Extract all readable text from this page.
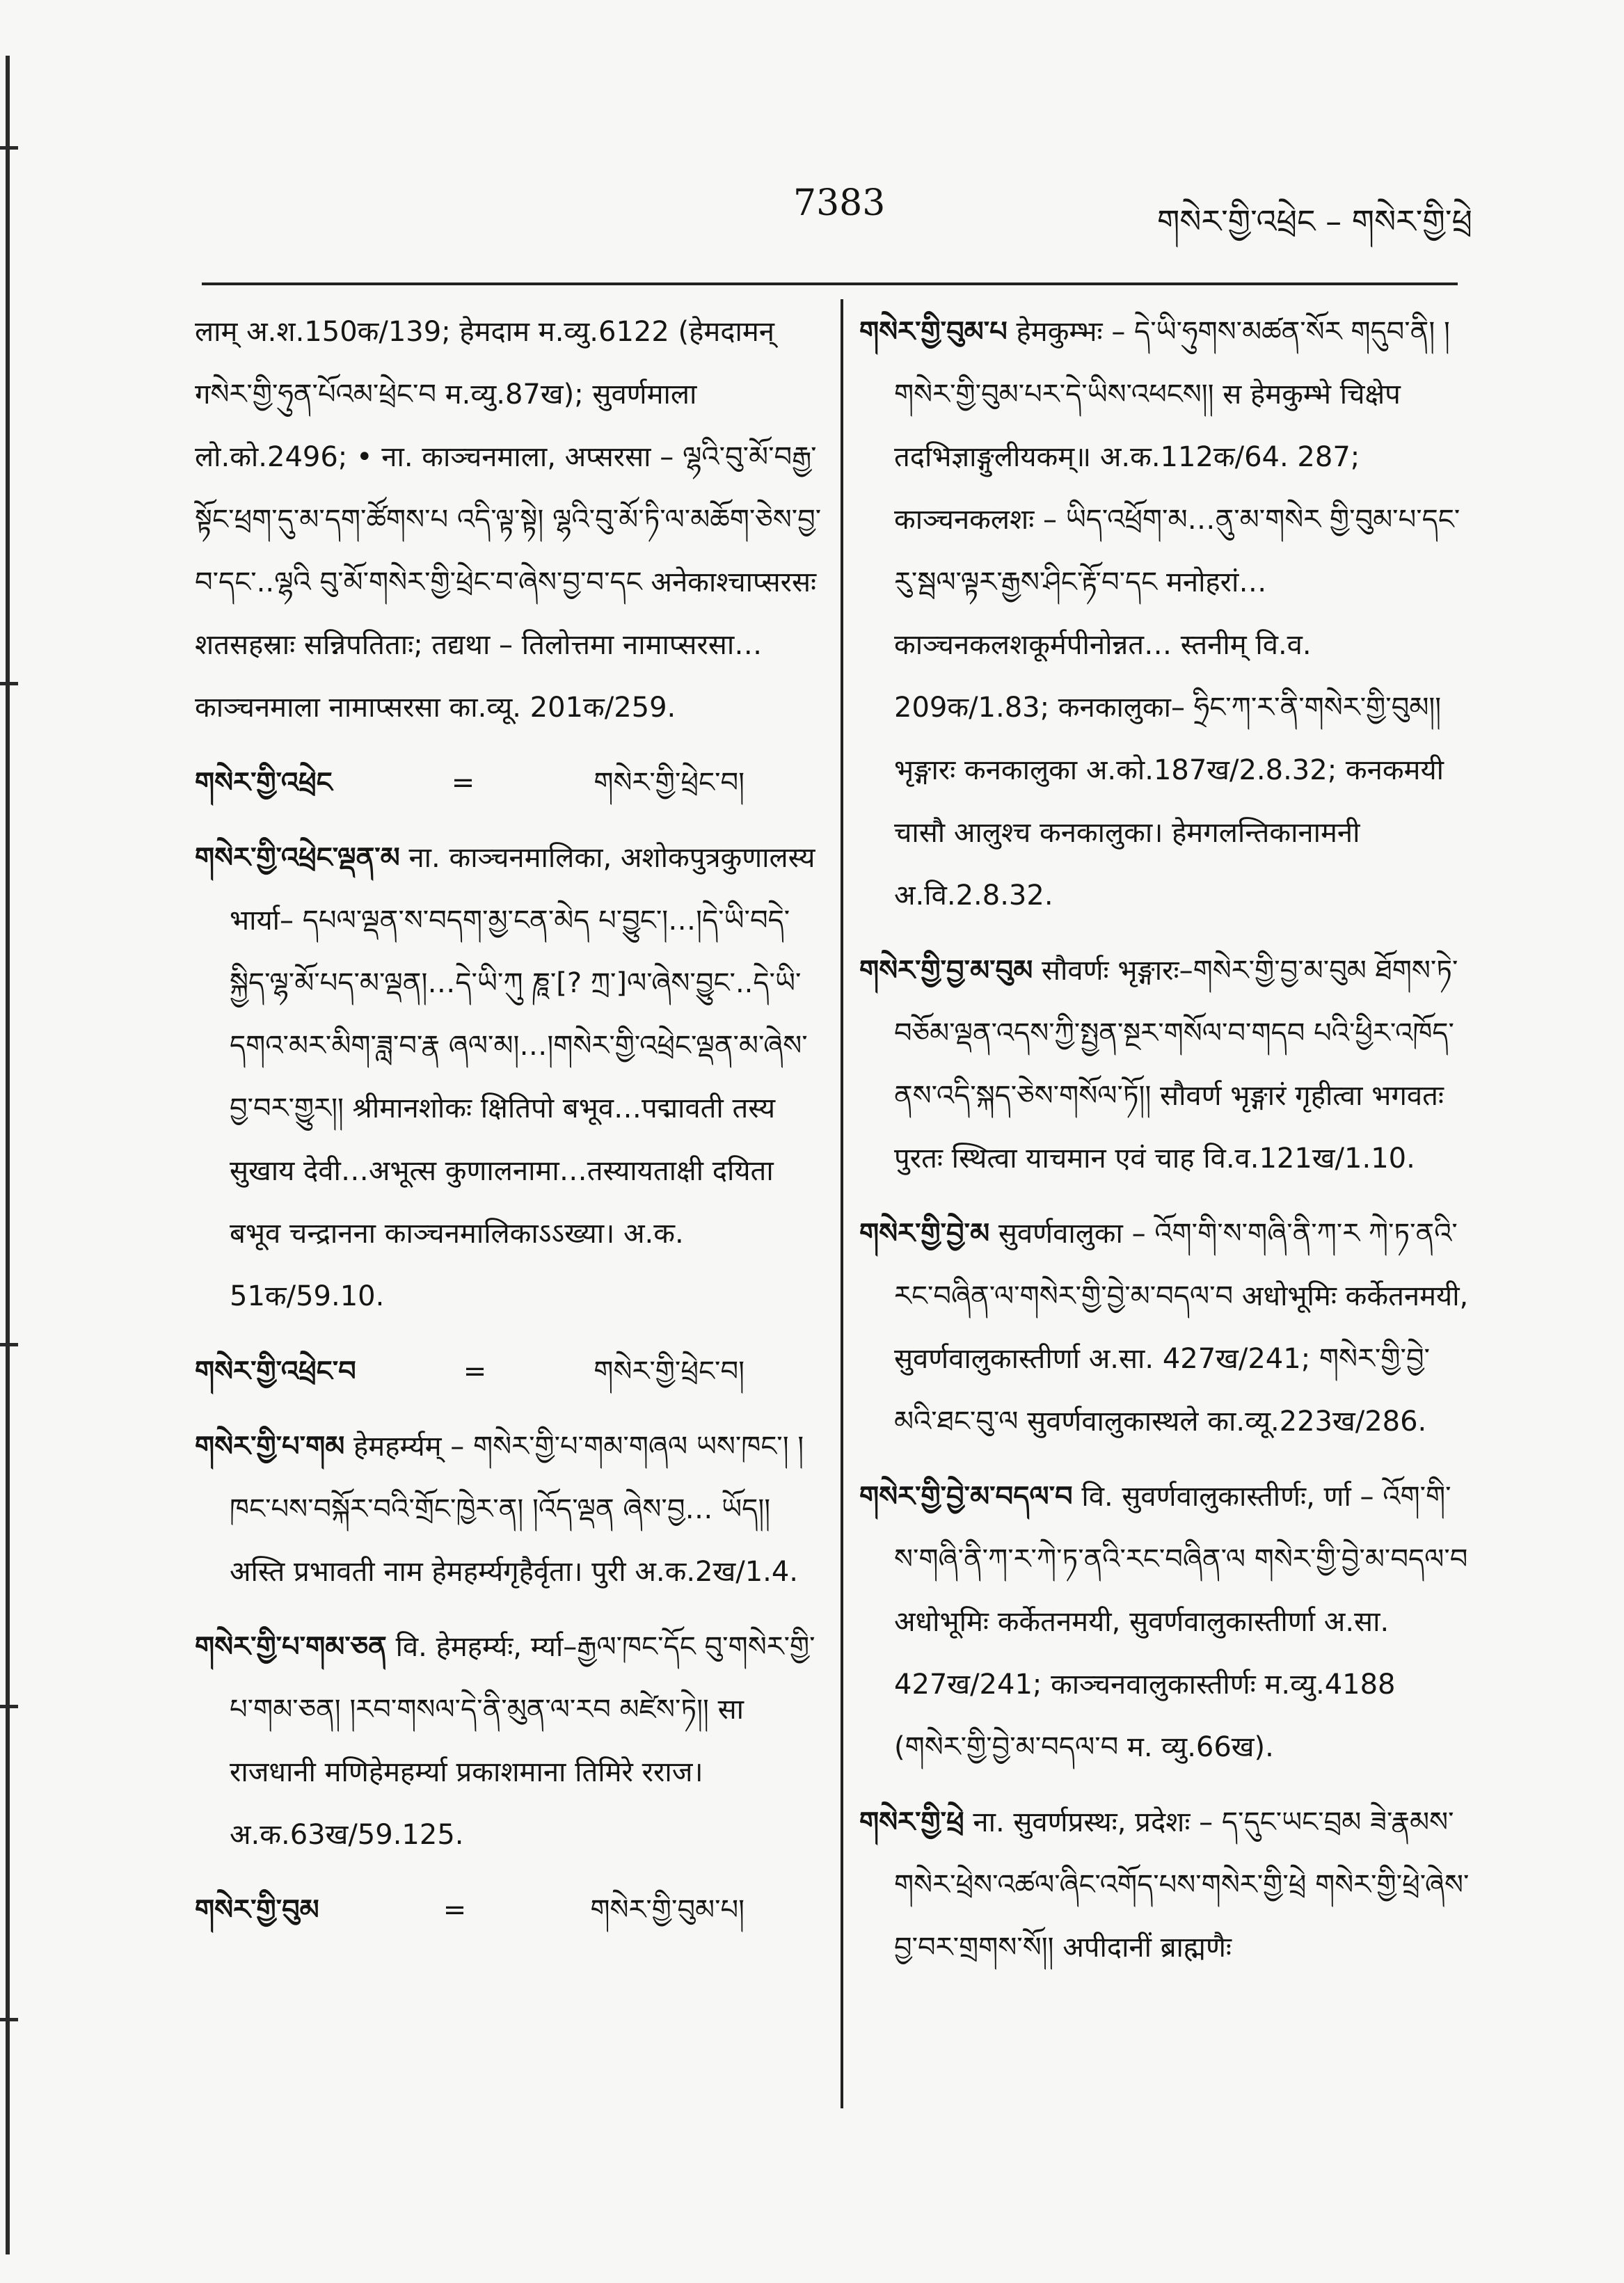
7383	གསེར་གྱི་འཕྲེང – གསེར་གྱི་ཕྲེ

लाम् अ.श.150क/139; हेमदाम म.व्यु.6122 (हेमदामन् गསེར་གྱི་ཧུན་པོའམ་ཕྲེང་བ म.व्यु.87ख); सुवर्णमाला लो.को.2496; • ना. काञ्चनमाला, अप्सरसा – ལྷའི་བུ་མོ་བརྒྱ་སྟོང་ཕྲག་དུ་མ་དག་ཚོགས་པ འདི་ལྟ་སྟེ། ལྷའི་བུ་མོ་ཏི་ལ་མཆོག་ཅེས་བྱ་བ་དང་..ལྷའི བུ་མོ་གསེར་གྱི་ཕྲེང་བ་ཞེས་བྱ་བ་དང अनेकाश्चाप्सरसः शतसहस्राः सन्निपतिताः; तद्यथा – तिलोत्तमा नामाप्सरसा… काञ्चनमाला नामाप्सरसा का.व्यू. 201क/259.

གསེར་གྱི་འཕྲེང	=	གསེར་གྱི་ཕྲེང་བ།

གསེར་གྱི་འཕྲེང་ལྡན་མ ना. काञ्चनमालिका, अशोकपुत्रकुणालस्य भार्या– དཔལ་ལྡན་ས་བདག་མྱ་ངན་མེད པ་བྱུང་།…།དེ་ཡི་བདེ་སྐྱིད་ལྷ་མོ་པད་མ་ལྡན།…དེ་ཡི་ཀུ ཎཱ་[? ཀྲ་]ལ་ཞེས་བྱུང་..དེ་ཡི་དགའ་མར་མིག་ཟླ་བ་རྣ ཞལ་མ།…།གསེར་གྱི་འཕྲེང་ལྡན་མ་ཞེས་བྱ་བར་གྱུར།། श्रीमानशोकः क्षितिपो बभूव…पद्मावती तस्य सुखाय देवी…अभूत्स कुणालनामा…तस्यायताक्षी दयिता बभूव चन्द्रानना काञ्चनमालिकाऽऽख्या। अ.क. 51क/59.10.

གསེར་གྱི་འཕྲེང་བ	=	གསེར་གྱི་ཕྲེང་བ།

གསེར་གྱི་པ་གམ हेमहर्म्यम् – གསེར་གྱི་པ་གམ་གཞལ ཡས་ཁང་། །ཁང་པས་བསྐོར་བའི་གྲོང་ཁྱེར་ན། །འོད་ལྡན ཞེས་བྱ… ཡོད།། अस्ति प्रभावती नाम हेमहर्म्यगृहैर्वृता। पुरी अ.क.2ख/1.4.

གསེར་གྱི་པ་གམ་ཅན वि. हेमहर्म्यः, र्म्या–རྒྱལ་ཁང་དོང བུ་གསེར་གྱི་པ་གམ་ཅན། །རབ་གསལ་དེ་ནི་མུན་ལ་རབ མཛེས་ཏེ།། सा राजधानी मणिहेमहर्म्या प्रकाशमाना तिमिरे रराज। अ.क.63ख/59.125.

གསེར་གྱི་བུམ	=	གསེར་གྱི་བུམ་པ།

གསེར་གྱི་བུམ་པ हेमकुम्भः – དེ་ཡི་ཧུགས་མཚན་སོར གདུབ་ནི། །གསེར་གྱི་བུམ་པར་དེ་ཡིས་འཕངས།། स हेमकुम्भे चिक्षेप तदभिज्ञाङ्गुलीयकम्॥ अ.क.112क/64. 287; काञ्चनकलशः – ཡིད་འཕྲོག་མ…ནུ་མ་གསེར གྱི་བུམ་པ་དང་རུ་སྦལ་ལྟར་རྒྱས་ཤིང་རྟོ་བ་དང मनोहरां… काञ्चनकलशकूर्मपीनोन्नत… स्तनीम् वि.व. 209क/1.83; कनकालुका– ཧྲིང་ཀ་ར་ནི་གསེར་གྱི་བུམ།། भृङ्गारः कनकालुका अ.को.187ख/2.8.32; कनकमयी चासौ आलुश्च कनकालुका। हेमगलन्तिकानामनी अ.वि.2.8.32.

གསེར་གྱི་བྱ་མ་བུམ सौवर्णः भृङ्गारः–གསེར་གྱི་བྱ་མ་བུམ ཐོགས་ཏེ་བཅོམ་ལྡན་འདས་ཀྱི་སྤྱན་སྔར་གསོལ་བ་གདབ པའི་ཕྱིར་འཁོད་ནས་འདི་སྐད་ཅེས་གསོལ་ཏོ།། सौवर्ण भृङ्गारं गृहीत्वा भगवतः पुरतः स्थित्वा याचमान एवं चाह वि.व.121ख/1.10.

གསེར་གྱི་བྱེ་མ सुवर्णवालुका – འོག་གི་ས་གཞི་ནི་ཀ་ར ཀེ་ཏ་ནའི་རང་བཞིན་ལ་གསེར་གྱི་བྱེ་མ་བདལ་བ अधोभूमिः कर्केतनमयी, सुवर्णवालुकास्तीर्णा अ.सा. 427ख/241; གསེར་གྱི་བྱེ་མའི་ཐང་བུ་ལ सुवर्णवालुकास्थले का.व्यू.223ख/286.

གསེར་གྱི་བྱེ་མ་བདལ་བ वि. सुवर्णवालुकास्तीर्णः, र्णा – འོག་གི་ས་གཞི་ནི་ཀ་ར་ཀེ་ཏ་ནའི་རང་བཞིན་ལ གསེར་གྱི་བྱེ་མ་བདལ་བ अधोभूमिः कर्केतनमयी, सुवर्णवालुकास्तीर्णा अ.सा. 427ख/241; काञ्चनवालुकास्तीर्णः म.व्यु.4188 (གསེར་གྱི་བྱེ་མ་བདལ་བ म. व्यु.66ख).

གསེར་གྱི་ཕྲེ ना. सुवर्णप्रस्थः, प्रदेशः – ད་དུང་ཡང་བྲམ ཟེ་རྣམས་གསེར་ཕྲེས་འཚལ་ཞིང་འགོད་པས་གསེར་གྱི་ཕྲེ གསེར་གྱི་ཕྲེ་ཞེས་བྱ་བར་གྲགས་སོ།། अपीदानीं ब्राह्मणैः
